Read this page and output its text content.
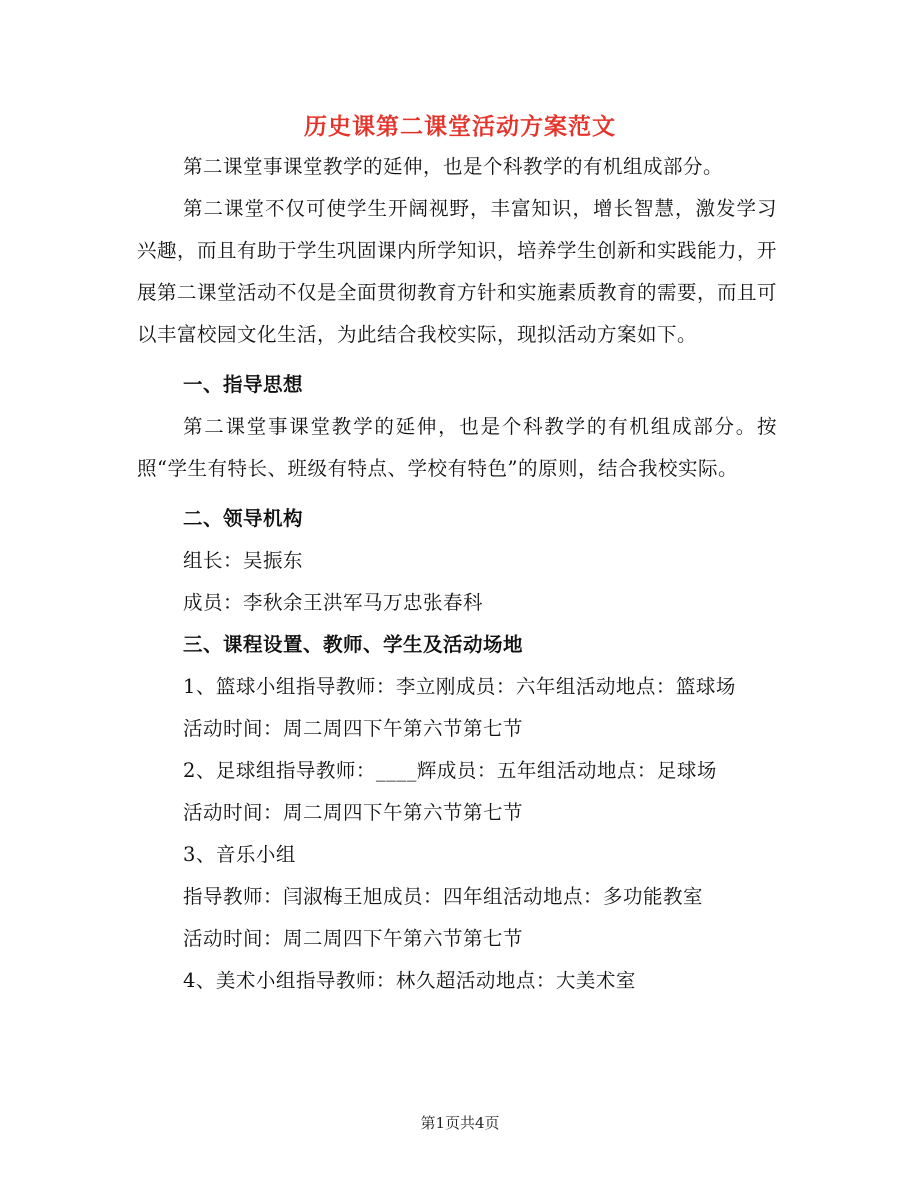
历史课第二课堂活动方案范文

第二课堂事课堂教学的延伸，也是个科教学的有机组成部分。

第二课堂不仅可使学生开阔视野，丰富知识，增长智慧，激发学习兴趣，而且有助于学生巩固课内所学知识，培养学生创新和实践能力，开展第二课堂活动不仅是全面贯彻教育方针和实施素质教育的需要，而且可以丰富校园文化生活，为此结合我校实际，现拟活动方案如下。

一、指导思想

第二课堂事课堂教学的延伸，也是个科教学的有机组成部分。按照“学生有特长、班级有特点、学校有特色”的原则，结合我校实际。

二、领导机构

组长：吴振东

成员：李秋余王洪军马万忠张春科

三、课程设置、教师、学生及活动场地

1、篮球小组指导教师：李立刚成员：六年组活动地点：篮球场

活动时间：周二周四下午第六节第七节

2、足球组指导教师：____辉成员：五年组活动地点：足球场

活动时间：周二周四下午第六节第七节

3、音乐小组

指导教师：闫淑梅王旭成员：四年组活动地点：多功能教室

活动时间：周二周四下午第六节第七节

4、美术小组指导教师：林久超活动地点：大美术室

第1页共4页
